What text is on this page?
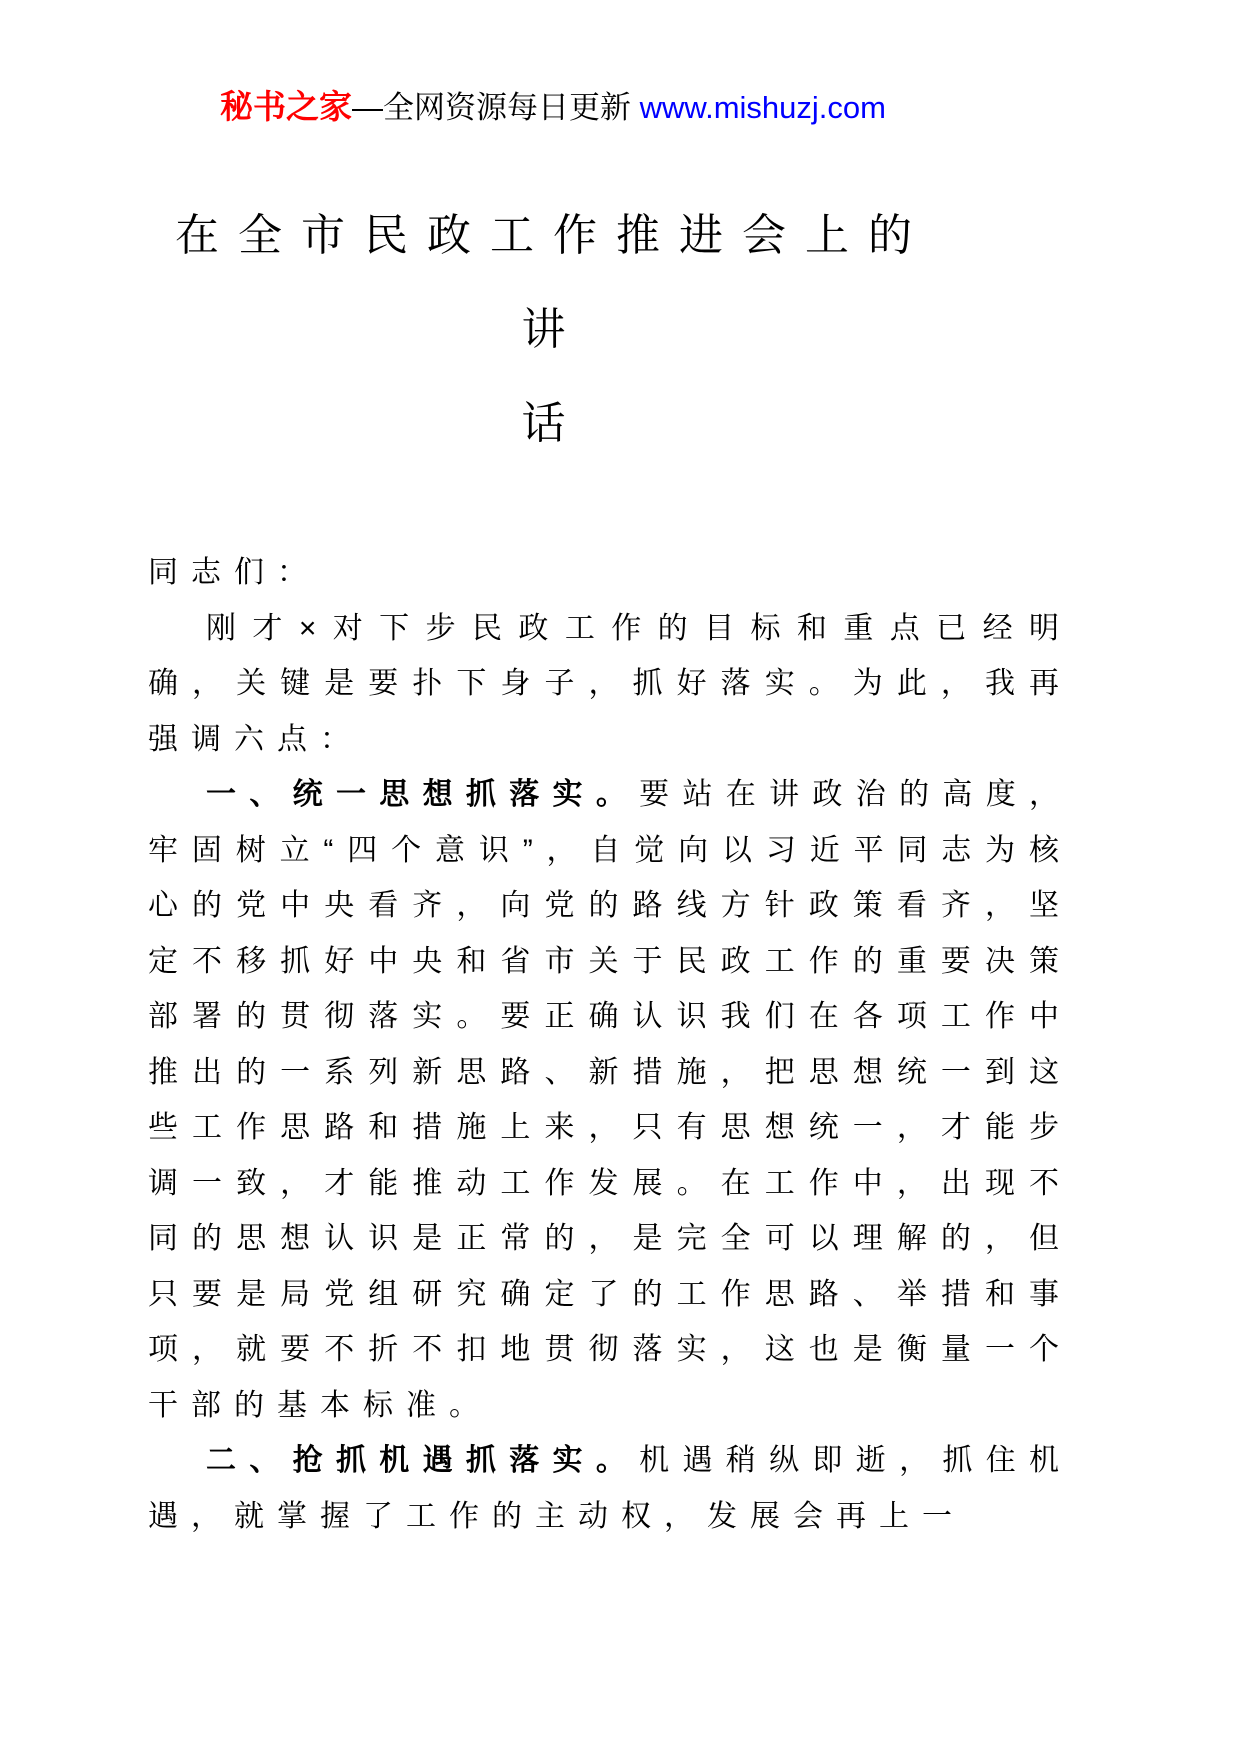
秘书之家—全网资源每日更新 www.mishuzj.com
在全市民政工作推进会上的讲
话

同志们：

刚才×对下步民政工作的目标和重点已经明确，关键是要扑下身子，抓好落实。为此，我再强调六点：

一、统一思想抓落实。要站在讲政治的高度，牢固树立“四个意识”，自觉向以习近平同志为核心的党中央看齐，向党的路线方针政策看齐，坚定不移抓好中央和省市关于民政工作的重要决策部署的贯彻落实。要正确认识我们在各项工作中推出的一系列新思路、新措施，把思想统一到这些工作思路和措施上来，只有思想统一，才能步调一致，才能推动工作发展。在工作中，出现不同的思想认识是正常的，是完全可以理解的，但只要是局党组研究确定了的工作思路、举措和事项，就要不折不扣地贯彻落实，这也是衡量一个干部的基本标准。

二、抢抓机遇抓落实。机遇稍纵即逝，抓住机遇，就掌握了工作的主动权，发展会再上一
